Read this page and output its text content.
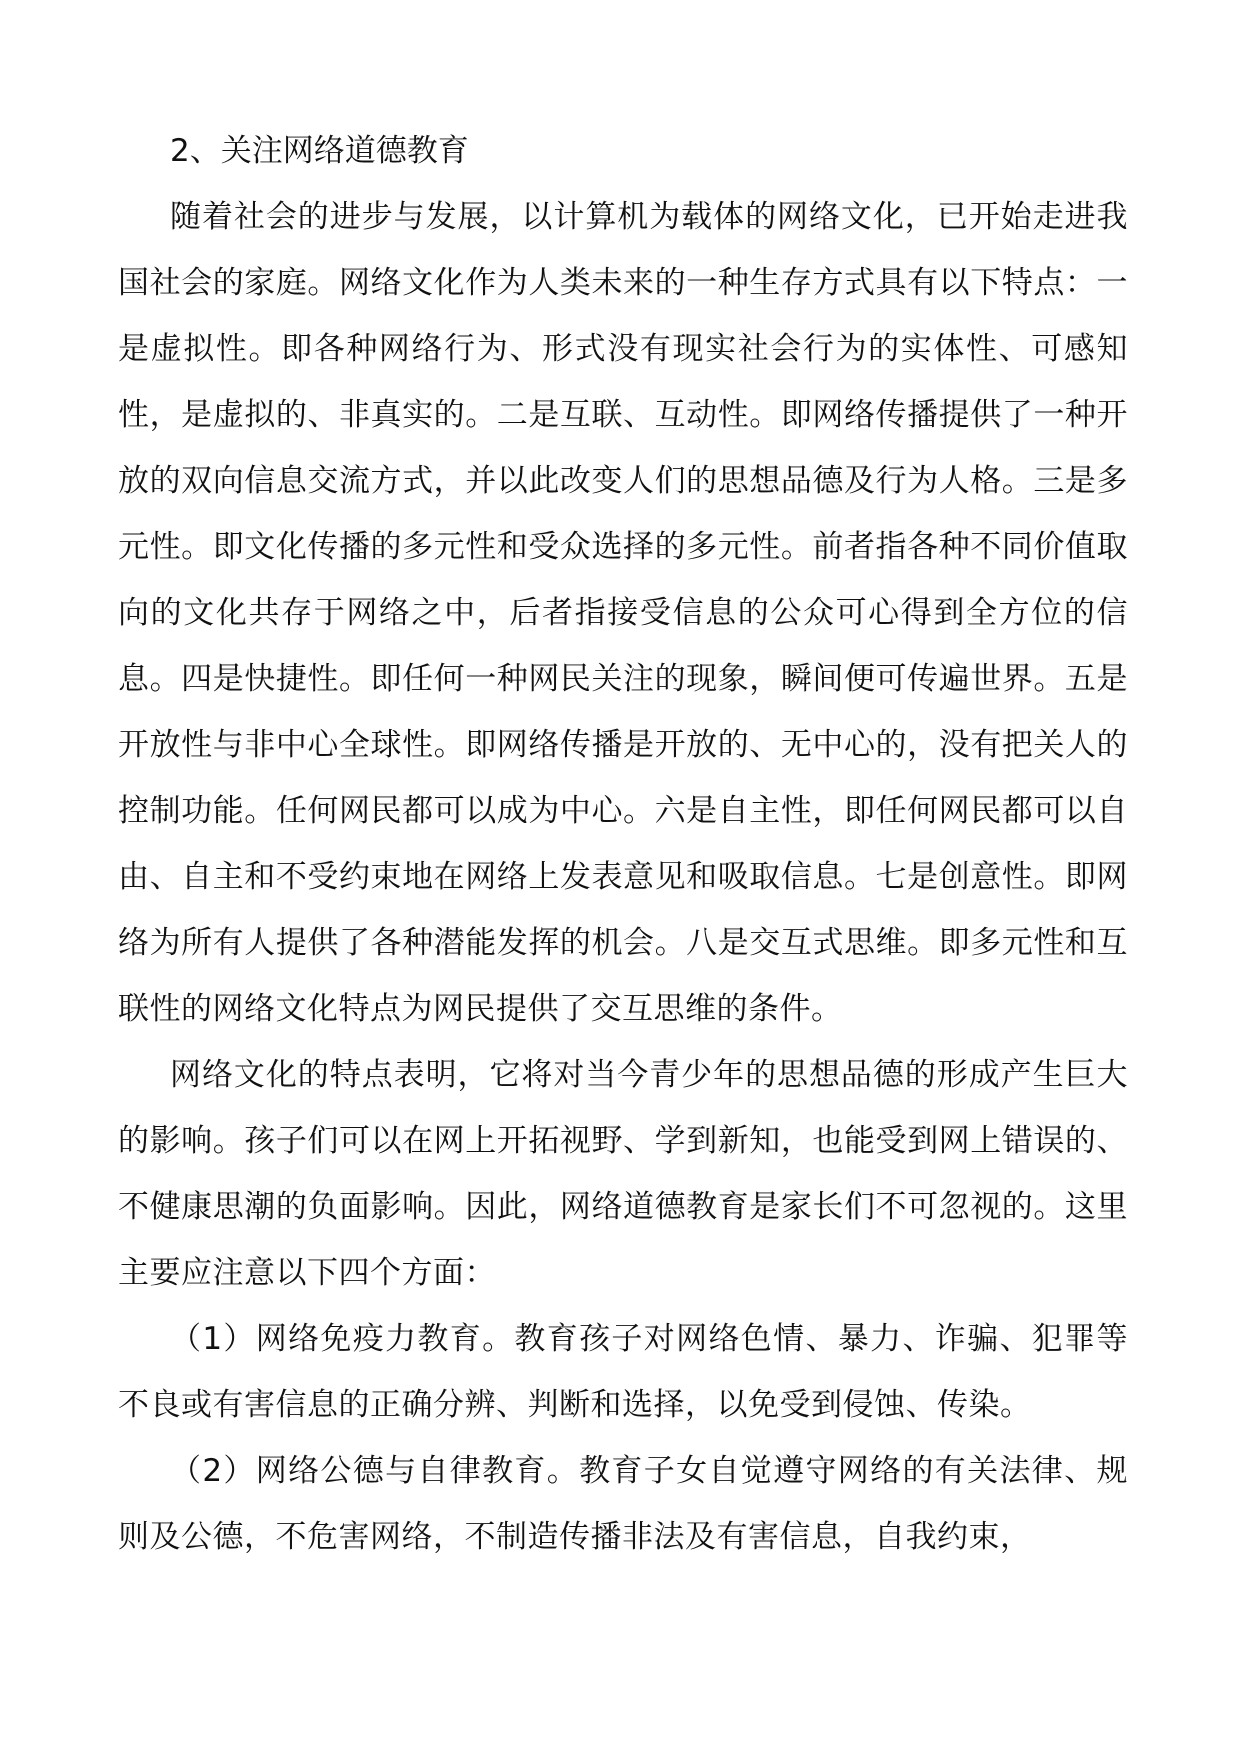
2、关注网络道德教育

随着社会的进步与发展，以计算机为载体的网络文化，已开始走进我国社会的家庭。网络文化作为人类未来的一种生存方式具有以下特点：一是虚拟性。即各种网络行为、形式没有现实社会行为的实体性、可感知性，是虚拟的、非真实的。二是互联、互动性。即网络传播提供了一种开放的双向信息交流方式，并以此改变人们的思想品德及行为人格。三是多元性。即文化传播的多元性和受众选择的多元性。前者指各种不同价值取向的文化共存于网络之中，后者指接受信息的公众可心得到全方位的信息。四是快捷性。即任何一种网民关注的现象，瞬间便可传遍世界。五是开放性与非中心全球性。即网络传播是开放的、无中心的，没有把关人的控制功能。任何网民都可以成为中心。六是自主性，即任何网民都可以自由、自主和不受约束地在网络上发表意见和吸取信息。七是创意性。即网络为所有人提供了各种潜能发挥的机会。八是交互式思维。即多元性和互联性的网络文化特点为网民提供了交互思维的条件。

网络文化的特点表明，它将对当今青少年的思想品德的形成产生巨大的影响。孩子们可以在网上开拓视野、学到新知，也能受到网上错误的、不健康思潮的负面影响。因此，网络道德教育是家长们不可忽视的。这里主要应注意以下四个方面：

（1）网络免疫力教育。教育孩子对网络色情、暴力、诈骗、犯罪等不良或有害信息的正确分辨、判断和选择，以免受到侵蚀、传染。

（2）网络公德与自律教育。教育子女自觉遵守网络的有关法律、规则及公德，不危害网络，不制造传播非法及有害信息，自我约束，
